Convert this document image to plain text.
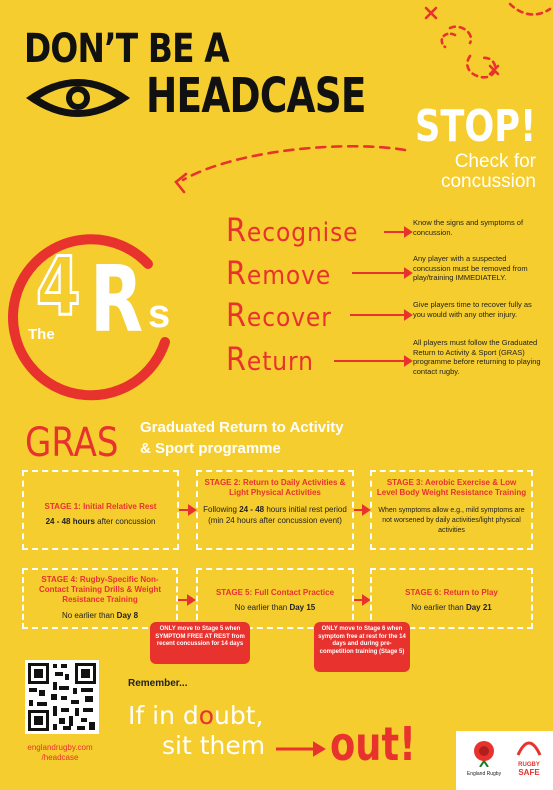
DON’T BE A
HEADCASE
STOP!
Check for
concussion
The
4 R s
Recognise
Remove
Recover
Return
Know the signs and symptoms of concussion.
Any player with a suspected concussion must be removed from play/training IMMEDIATELY.
Give players time to recover fully as you would with any other injury.
All players must follow the Graduated Return to Activity & Sport (GRAS) programme before returning to playing contact rugby.
GRAS Graduated Return to Activity
& Sport programme
STAGE 1: Initial Relative Rest
24 - 48 hours after concussion
STAGE 2: Return to Daily Activities & Light Physical Activities
Following 24 - 48 hours initial rest period (min 24 hours after concussion event)
STAGE 3: Aerobic Exercise & Low Level Body Weight Resistance Training
When symptoms allow e.g., mild symptoms are not worsened by daily activities/light physical activities
STAGE 4: Rugby-Specific Non-Contact Training Drills & Weight Resistance Training
No earlier than Day 8
STAGE 5: Full Contact Practice
No earlier than Day 15
STAGE 6: Return to Play
No earlier than Day 21
ONLY move to Stage 5 when SYMPTOM FREE AT REST from recent concussion for 14 days
ONLY move to Stage 6 when symptom free at rest for the 14 days and during pre-competition training (Stage 5)
englandrugby.com
/headcase
Remember...
If in doubt,
sit them out!
England Rugby
RUGBY
SAFE
